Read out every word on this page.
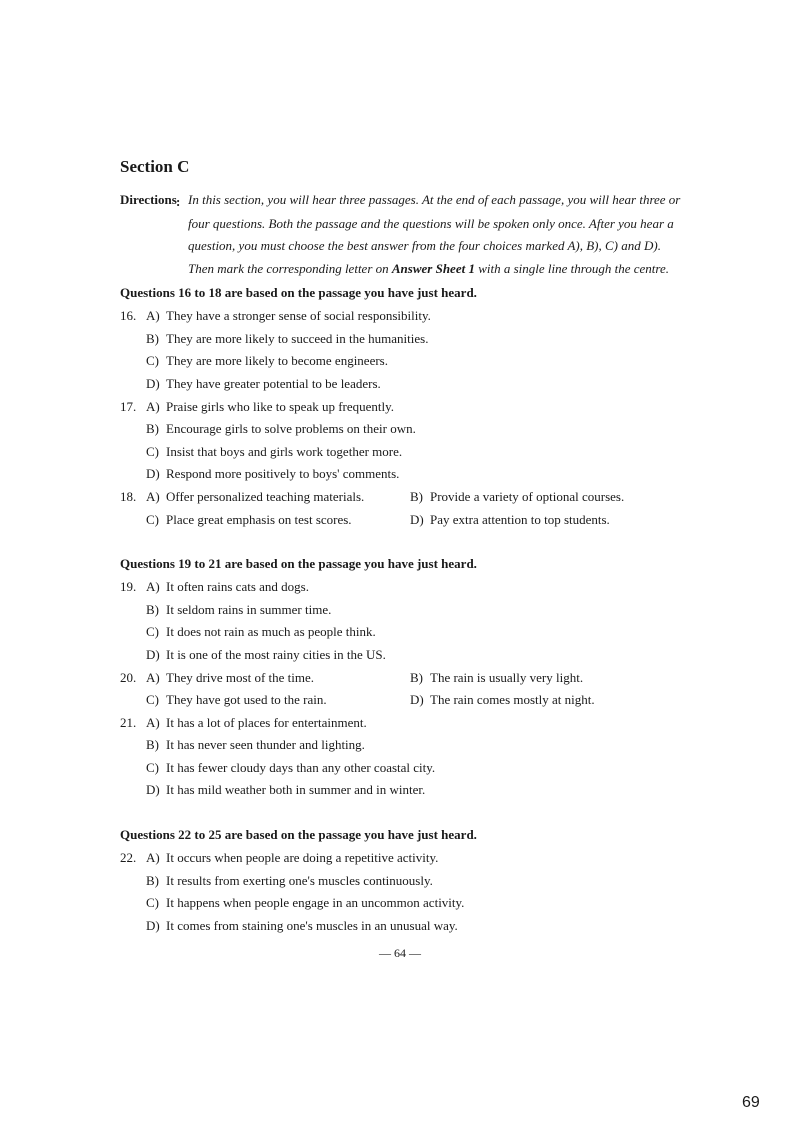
Section C
Directions : In this section, you will hear three passages. At the end of each passage, you will hear three or
four questions. Both the passage and the questions will be spoken only once. After you hear a
question, you must choose the best answer from the four choices marked A), B), C) and D).
Then mark the corresponding letter on Answer Sheet 1 with a single line through the centre.

Questions 16 to 18 are based on the passage you have just heard.

16. A) They have a stronger sense of social responsibility.
B) They are more likely to succeed in the humanities.
C) They are more likely to become engineers.
D) They have greater potential to be leaders.
17. A) Praise girls who like to speak up frequently.
B) Encourage girls to solve problems on their own.
C) Insist that boys and girls work together more.
D) Respond more positively to boys' comments.
18. A) Offer personalized teaching materials.	B) Provide a variety of optional courses.
C) Place great emphasis on test scores.	D) Pay extra attention to top students.

Questions 19 to 21 are based on the passage you have just heard.

19. A) It often rains cats and dogs.
B) It seldom rains in summer time.
C) It does not rain as much as people think.
D) It is one of the most rainy cities in the US.
20. A) They drive most of the time.	B) The rain is usually very light.
C) They have got used to the rain.	D) The rain comes mostly at night.
21. A) It has a lot of places for entertainment.
B) It has never seen thunder and lighting.
C) It has fewer cloudy days than any other coastal city.
D) It has mild weather both in summer and in winter.

Questions 22 to 25 are based on the passage you have just heard.

22. A) It occurs when people are doing a repetitive activity.
B) It results from exerting one's muscles continuously.
C) It happens when people engage in an uncommon activity.
D) It comes from staining one's muscles in an unusual way.
— 64 —
69
